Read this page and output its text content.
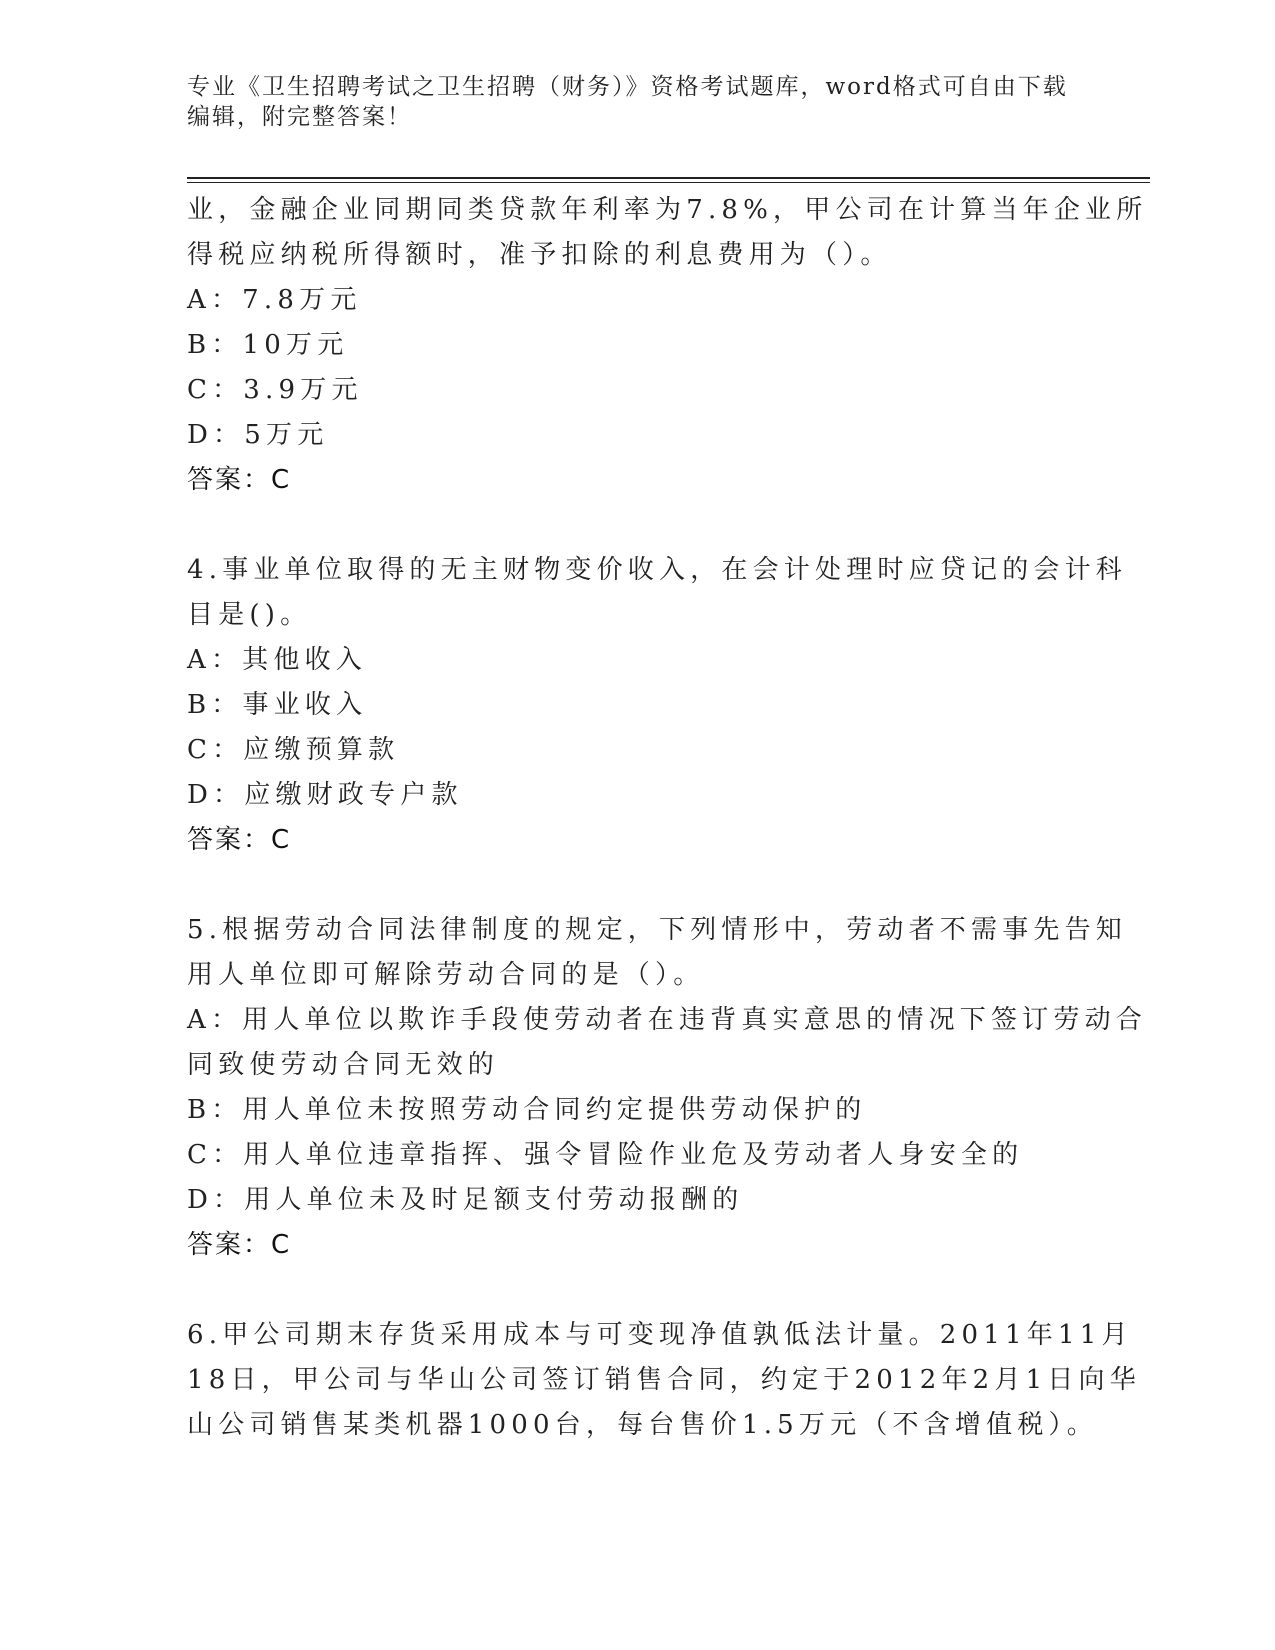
专业《卫生招聘考试之卫生招聘（财务）》资格考试题库，word格式可自由下载
编辑，附完整答案！
业，金融企业同期同类贷款年利率为7.8%，甲公司在计算当年企业所
得税应纳税所得额时，准予扣除的利息费用为（）。
A：7.8万元
B：10万元
C：3.9万元
D：5万元
答案：C
4.事业单位取得的无主财物变价收入，在会计处理时应贷记的会计科
目是()。
A：其他收入
B：事业收入
C：应缴预算款
D：应缴财政专户款
答案：C
5.根据劳动合同法律制度的规定，下列情形中，劳动者不需事先告知
用人单位即可解除劳动合同的是（）。
A：用人单位以欺诈手段使劳动者在违背真实意思的情况下签订劳动合
同致使劳动合同无效的
B：用人单位未按照劳动合同约定提供劳动保护的
C：用人单位违章指挥、强令冒险作业危及劳动者人身安全的
D：用人单位未及时足额支付劳动报酬的
答案：C
6.甲公司期末存货采用成本与可变现净值孰低法计量。2011年11月
18日，甲公司与华山公司签订销售合同，约定于2012年2月1日向华
山公司销售某类机器1000台，每台售价1.5万元（不含增值税）。
